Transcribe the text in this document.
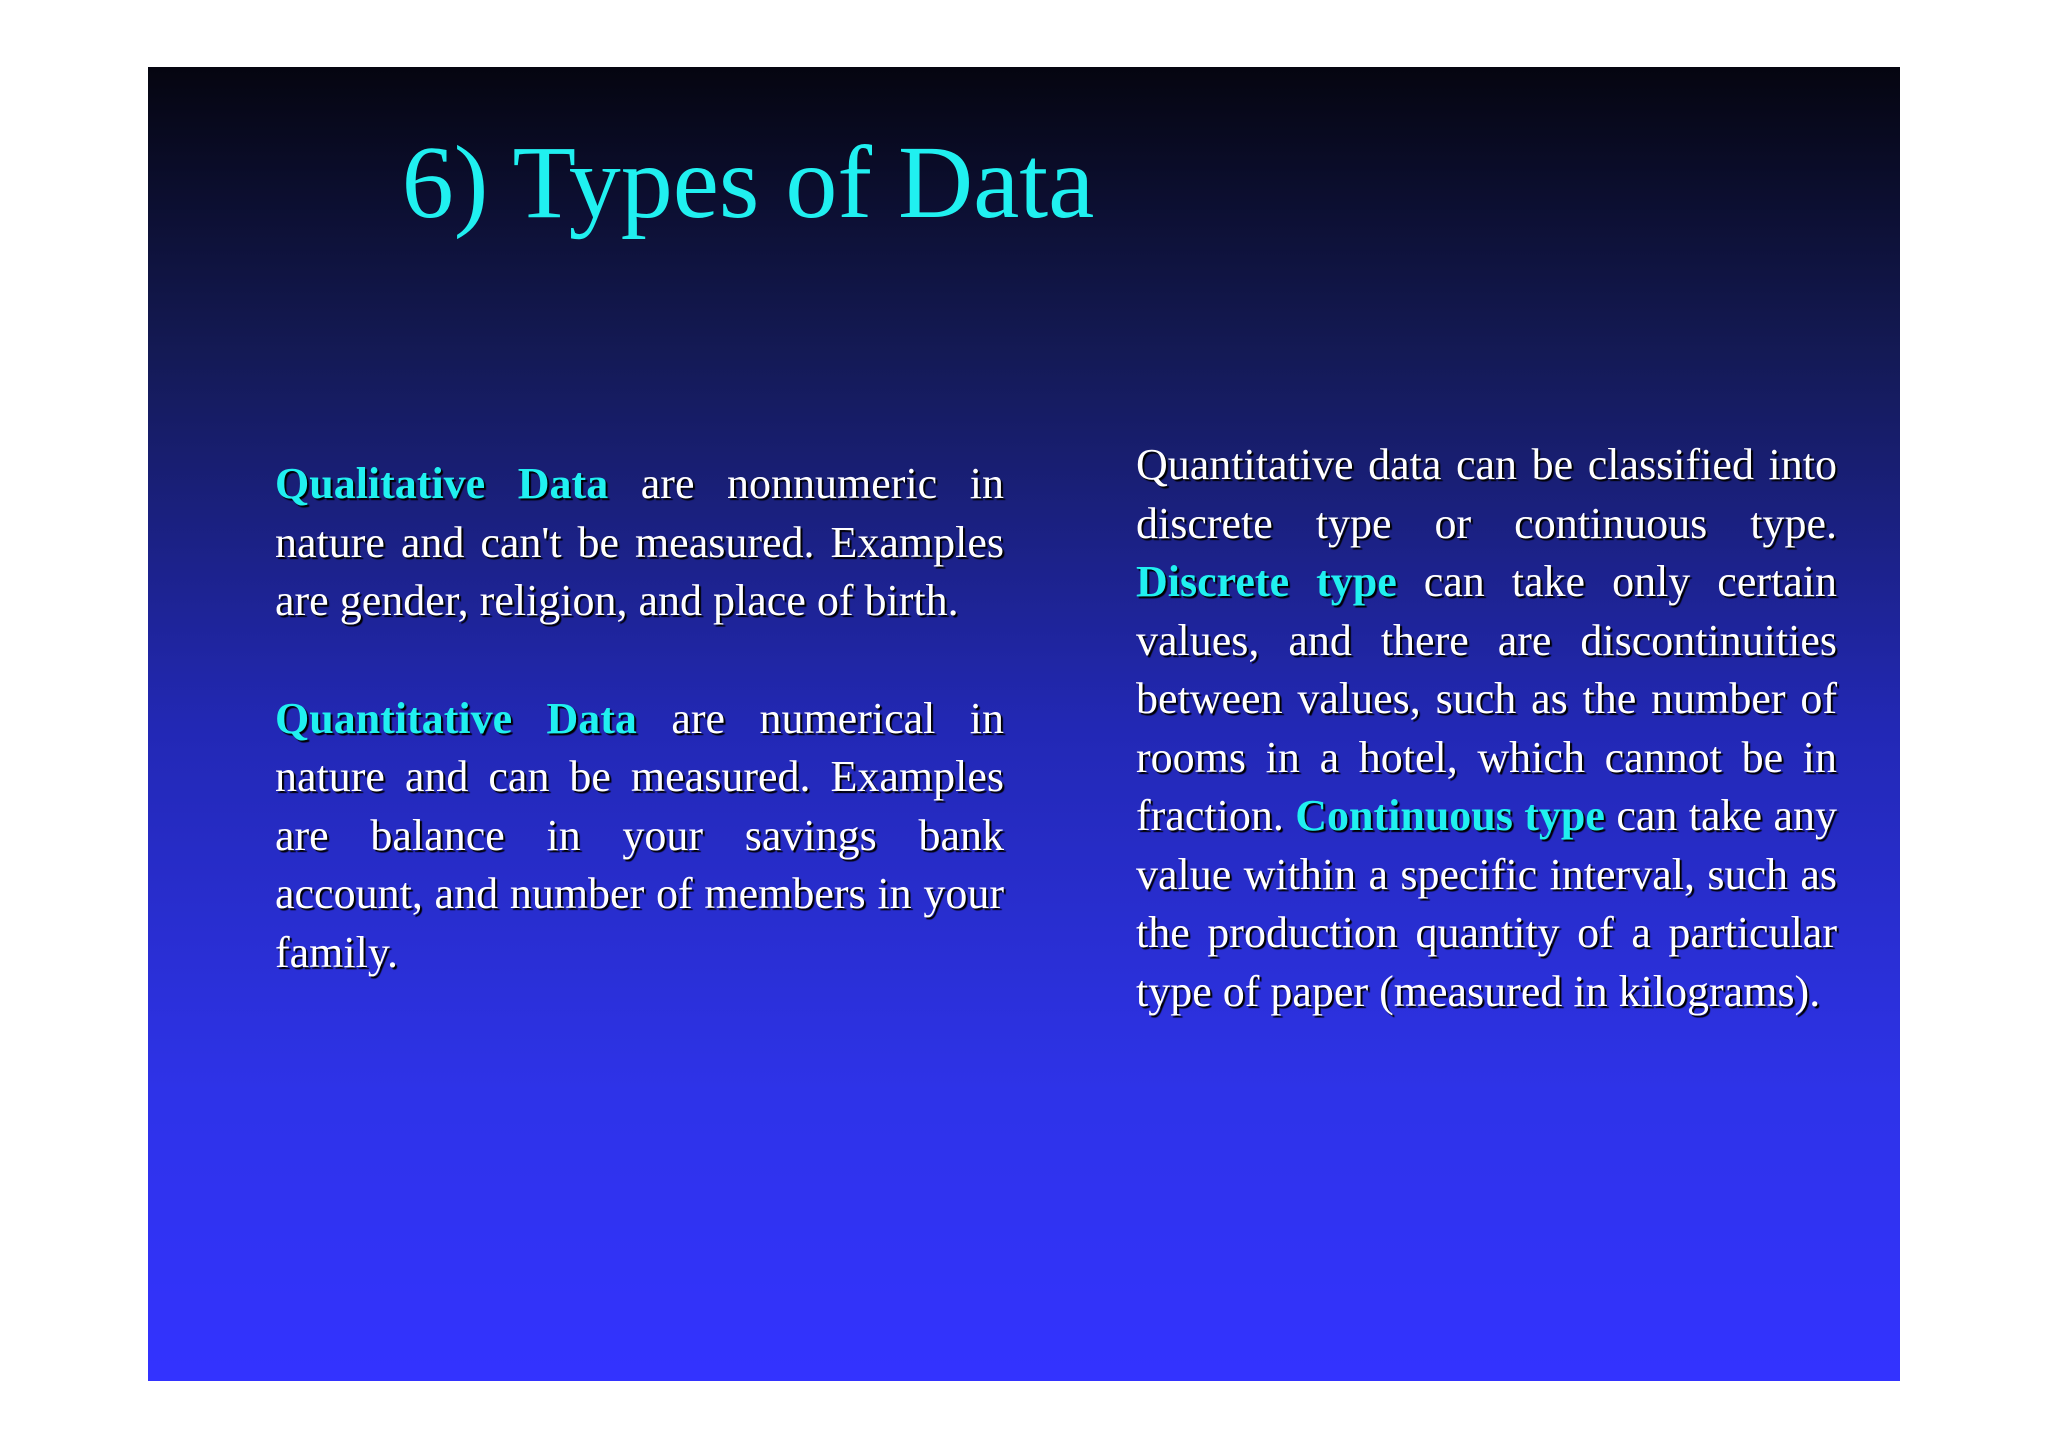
6) Types of Data

Qualitative Data are nonnumeric in nature and can't be measured. Examples are gender, religion, and place of birth.

Quantitative Data are numerical in nature and can be measured. Examples are balance in your savings bank account, and number of members in your family.

Quantitative data can be classified into discrete type or continuous type. Discrete type can take only certain values, and there are discontinuities between values, such as the number of rooms in a hotel, which cannot be in fraction. Continuous type can take any value within a specific interval, such as the production quantity of a particular type of paper (measured in kilograms).
